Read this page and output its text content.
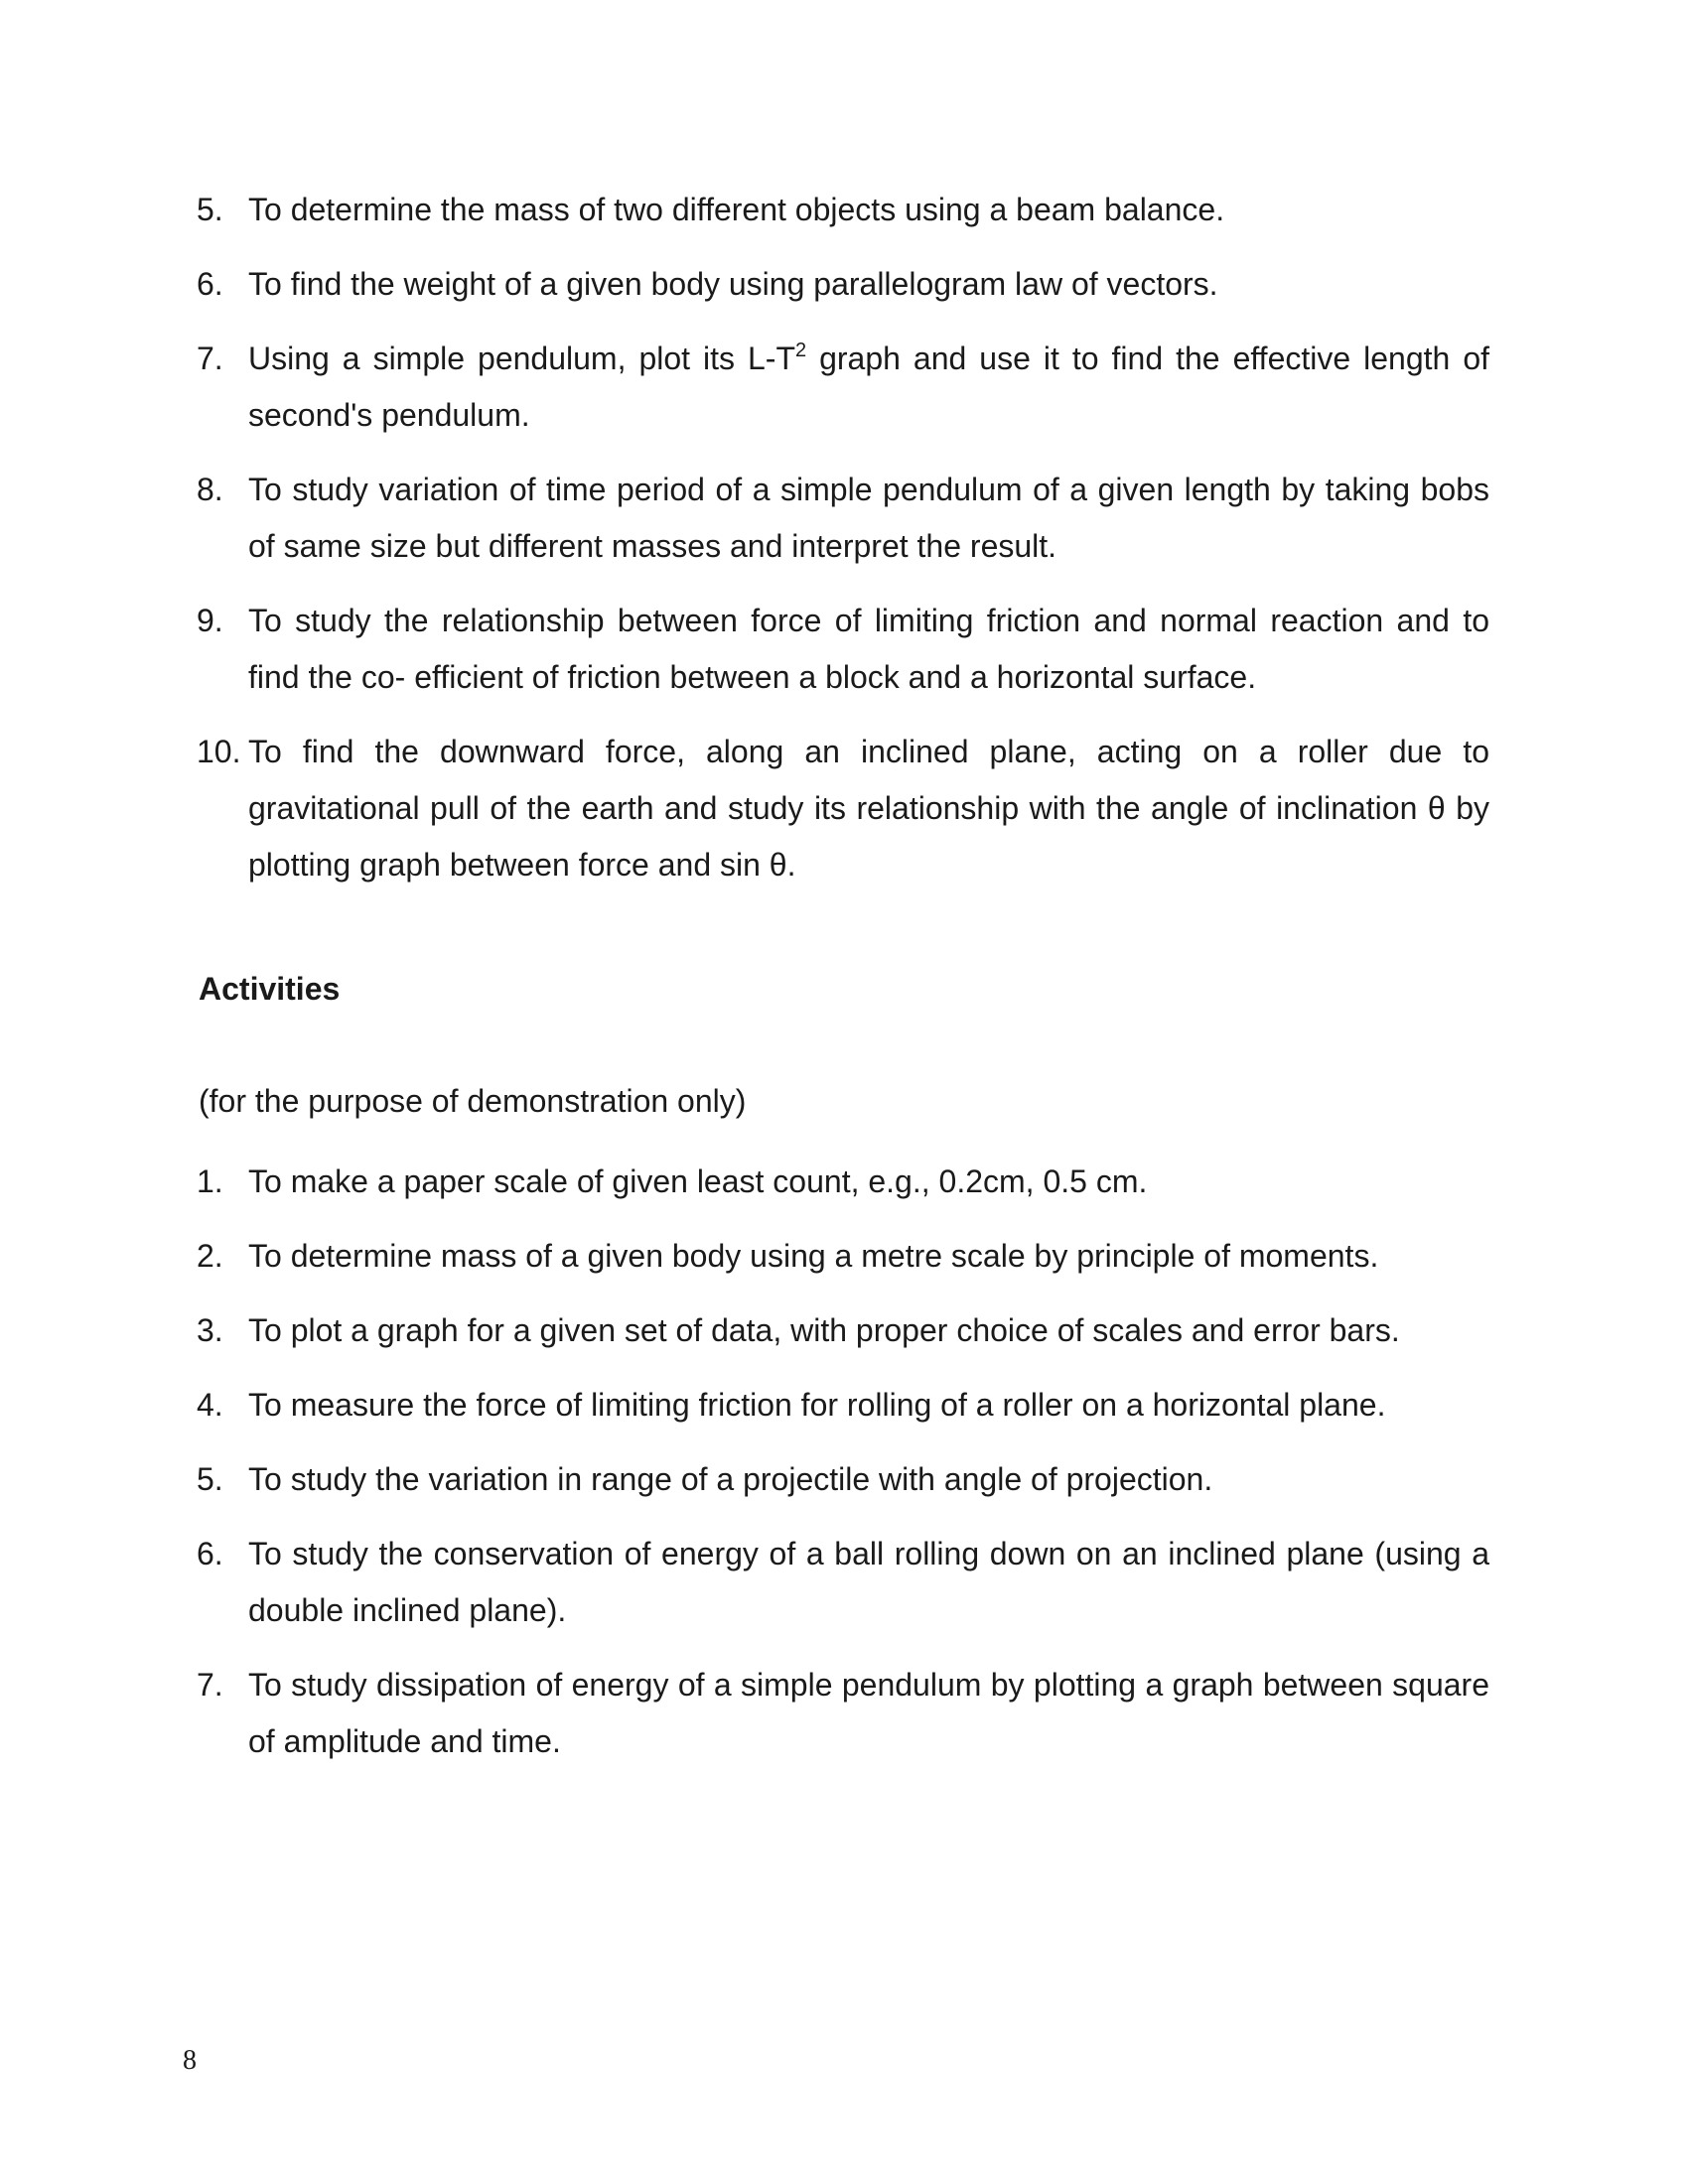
5. To determine the mass of two different objects using a beam balance.
6. To find the weight of a given body using parallelogram law of vectors.
7. Using a simple pendulum, plot its $L-T^2$ graph and use it to find the effective length of second's pendulum.
8. To study variation of time period of a simple pendulum of a given length by taking bobs of same size but different masses and interpret the result.
9. To study the relationship between force of limiting friction and normal reaction and to find the co- efficient of friction between a block and a horizontal surface.
10. To find the downward force, along an inclined plane, acting on a roller due to gravitational pull of the earth and study its relationship with the angle of inclination θ by plotting graph between force and sin θ.
Activities

(for the purpose of demonstration only)

1. To make a paper scale of given least count, e.g., 0.2cm, 0.5 cm.
2. To determine mass of a given body using a metre scale by principle of moments.
3. To plot a graph for a given set of data, with proper choice of scales and error bars.
4. To measure the force of limiting friction for rolling of a roller on a horizontal plane.
5. To study the variation in range of a projectile with angle of projection.
6. To study the conservation of energy of a ball rolling down on an inclined plane (using a double inclined plane).
7. To study dissipation of energy of a simple pendulum by plotting a graph between square of amplitude and time.
8
